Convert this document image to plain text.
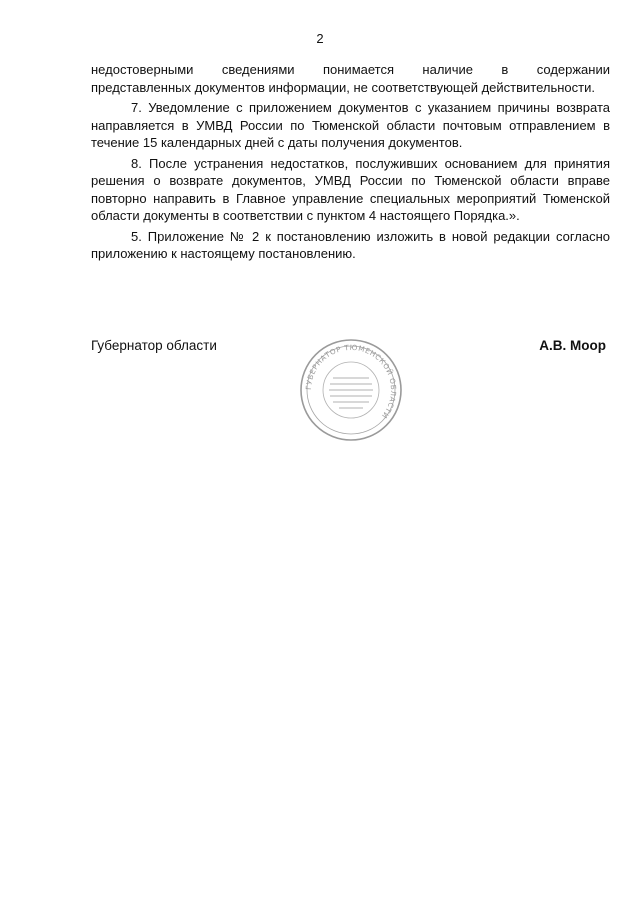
2

недостоверными сведениями понимается наличие в содержании
представленных документов информации, не соответствующей действительности.

7. Уведомление с приложением документов с указанием причины возврата направляется в УМВД России по Тюменской области почтовым отправлением в течение 15 календарных дней с даты получения документов.

8. После устранения недостатков, послуживших основанием для принятия решения о возврате документов, УМВД России по Тюменской области вправе повторно направить в Главное управление специальных мероприятий Тюменской области документы в соответствии с пунктом 4 настоящего Порядка.».

5. Приложение № 2 к постановлению изложить в новой редакции согласно приложению к настоящему постановлению.

Губернатор области	А.В. Моор
ГУБЕРНАТОР ТЮМЕНСКОЙ ОБЛАСТИ
